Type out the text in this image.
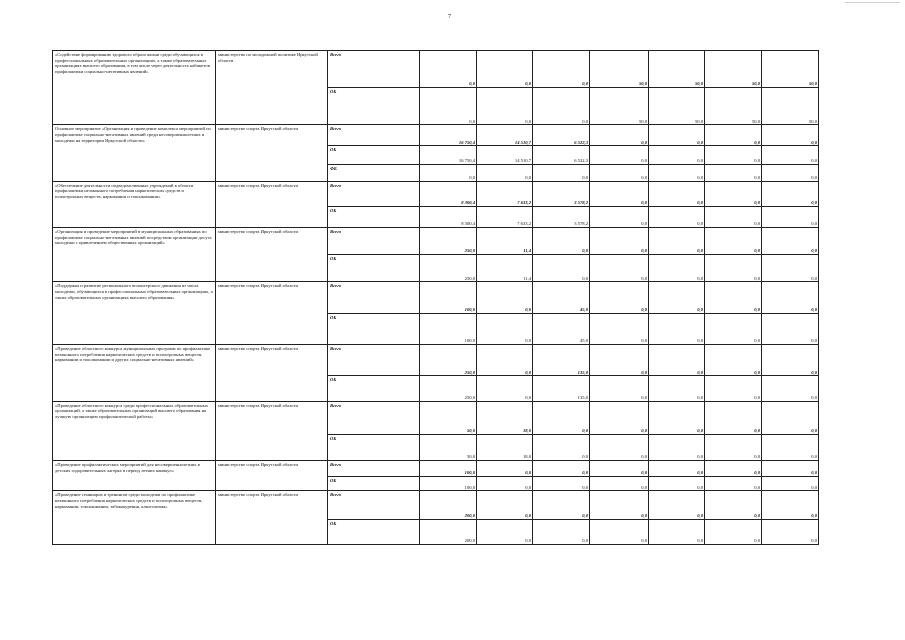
7
«Содействие формированию здорового образа жизни среди обучающихся в профессиональных образовательных организациях, а также образовательных организациях высшего образования, в том числе через деятельность кабинетов профилактики социально-негативных явлений»	министерство по молодежной политике Иркутской области	Всего	0,0	0,0	0,0	50,0	50,0	50,0	50,0
		ОБ	0,0	0,0	0,0	50,0	50,0	50,0	50,0
Основное мероприятие «Организация и проведение комплекса мероприятий по профилактике социально-негативных явлений среди несовершеннолетних и молодежи на территории Иркутской области»	министерство спорта Иркутской области	Всего	16 750,4	14 510,7	6 522,3	0,0	0,0	0,0	0,0
		ОБ	16 750,4	14 510,7	6 522,3	0,0	0,0	0,0	0,0
		ФБ	0,0	0,0	0,0	0,0	0,0	0,0	0,0
«Обеспечение деятельности подведомственных учреждений в области профилактики незаконного потребления наркотических средств и психотропных веществ, наркомании и токсикомании»	министерство спорта Иркутской области	Всего	8 300,4	7 633,2	3 578,2	0,0	0,0	0,0	0,0
		ОБ	8 300,4	7 633,2	3 578,2	0,0	0,0	0,0	0,0
«Организация и проведение мероприятий в муниципальных образованиях по профилактике социально-негативных явлений посредством организации досуга молодежи с привлечением общественных организаций»	министерство спорта Иркутской области	Всего	250,0	11,4	0,0	0,0	0,0	0,0	0,0
		ОБ	250,0	11,4	0,0	0,0	0,0	0,0	0,0
«Поддержка и развитие регионального волонтерского движения из числа молодежи, обучающихся в профессиональных образовательных организациях, а также образовательных организациях высшего образования»	министерство спорта Иркутской области	Всего	100,0	0,0	45,0	0,0	0,0	0,0	0,0
		ОБ	100,0	0,0	45,0	0,0	0,0	0,0	0,0
«Проведение областного конкурса муниципальных программ по профилактике незаконного потребления наркотических средств и психотропных веществ, наркомании и токсикомании и других социально-негативных явлений»	министерство спорта Иркутской области	Всего	250,0	0,0	135,0	0,0	0,0	0,0	0,0
		ОБ	250,0	0,0	135,0	0,0	0,0	0,0	0,0
«Проведение областного конкурса среди профессиональных образовательных организаций, а также образовательных организаций высшего образования на лучшую организацию профилактической работы»	министерство спорта Иркутской области	Всего	50,0	18,0	0,0	0,0	0,0	0,0	0,0
		ОБ	50,0	18,0	0,0	0,0	0,0	0,0	0,0
«Проведение профилактических мероприятий для несовершеннолетних в детских оздоровительных лагерях в период летних каникул»	министерство спорта Иркутской области	Всего	100,0	0,0	0,0	0,0	0,0	0,0	0,0
		ОБ	100,0	0,0	0,0	0,0	0,0	0,0	0,0
«Проведение семинаров и тренингов среди молодежи по профилактике незаконного потребления наркотических средств и психотропных веществ, наркомании, токсикомании, табакокурения, алкоголизма»	министерство спорта Иркутской области	Всего	200,0	0,0	0,0	0,0	0,0	0,0	0,0
		ОБ	200,0	0,0	0,0	0,0	0,0	0,0	0,0
